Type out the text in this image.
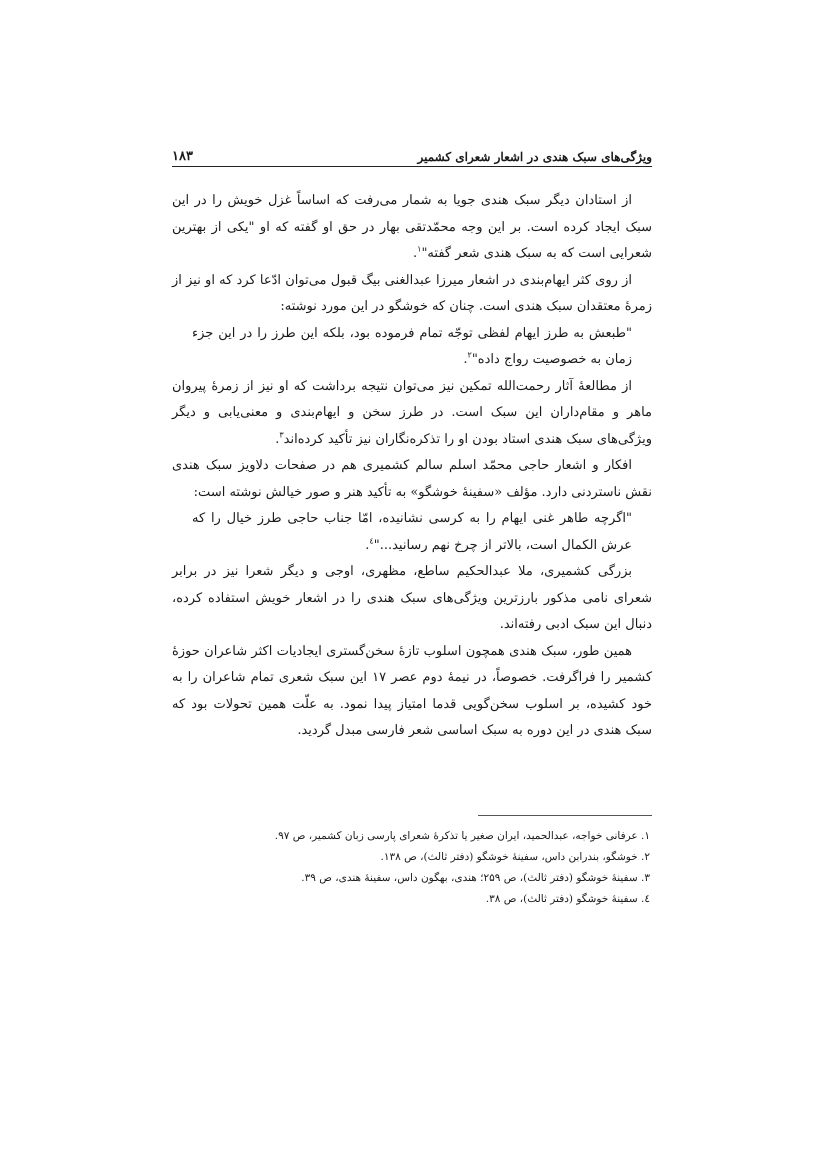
ویژگی‌های سبک هندی در اشعار شعرای کشمیر
۱۸۳

از استادان دیگر سبک هندی جویا به شمار می‌رفت که اساساً غزل خویش را در این سبک ایجاد کرده است. بر این وجه محمّدتقی بهار در حق او گفته که او "یکی از بهترین شعرایی است که به سبک هندی شعر گفته"$^۱$.

از روی کثر ایهام‌بندی در اشعار میرزا عبدالغنی بیگ قبول می‌توان ادّعا کرد که او نیز از زمرۀ معتقدان سبک هندی است. چنان که خوشگو در این مورد نوشته:

"طبعش به طرز ایهام لفظی توجّه تمام فرموده بود، بلکه این طرز را در این جزء زمان به خصوصیت رواج داده"$^۲$.

از مطالعۀ آثار رحمت‌الله تمکین نیز می‌توان نتیجه برداشت که او نیز از زمرۀ پیروان ماهر و مقام‌داران این سبک است. در طرز سخن و ایهام‌بندی و معنی‌یابی و دیگر ویژگی‌های سبک هندی استاد بودن او را تذکره‌نگاران نیز تأکید کرده‌اند$^۳$.

افکار و اشعار حاجی محمّد اسلم سالم کشمیری هم در صفحات دلاویز سبک هندی نقش ناستردنی دارد. مؤلف «سفینۀ خوشگو» به تأکید هنر و صور خیالش نوشته است:

"اگرچه طاهر غنی ایهام را به کرسی نشانیده، امّا جناب حاجی طرز خیال را که عرش الکمال است، بالاتر از چرخ نهم رسانید..."$^٤$.

بزرگی کشمیری، ملا عبدالحکیم ساطع، مظهری، اوجی و دیگر شعرا نیز در برابر شعرای نامی مذکور بارزترین ویژگی‌های سبک هندی را در اشعار خویش استفاده کرده، دنبال این سبک ادبی رفته‌اند.

همین طور، سبک هندی همچون اسلوب تازۀ سخن‌گستری ایجادیات اکثر شاعران حوزۀ کشمیر را فراگرفت. خصوصاً، در نیمۀ دوم عصر ۱۷ این سبک شعری تمام شاعران را به خود کشیده، بر اسلوب سخن‌گویی قدما امتیاز پیدا نمود. به علّت همین تحولات بود که سبک هندی در این دوره به سبک اساسی شعر فارسی مبدل گردید.

۱. عرفانی خواجه، عبدالحمید، ایران صغیر یا تذکرۀ شعرای پارسی زبان کشمیر، ص ۹۷.

۲. خوشگو، بندرابن داس، سفینۀ خوشگو (دفتر ثالث)، ص ۱۳۸.

۳. سفینۀ خوشگو (دفتر ثالث)، ص ۲۵۹؛ هندی، بهگون داس، سفینۀ هندی، ص ۳۹.

٤. سفینۀ خوشگو (دفتر ثالث)، ص ۳۸.
